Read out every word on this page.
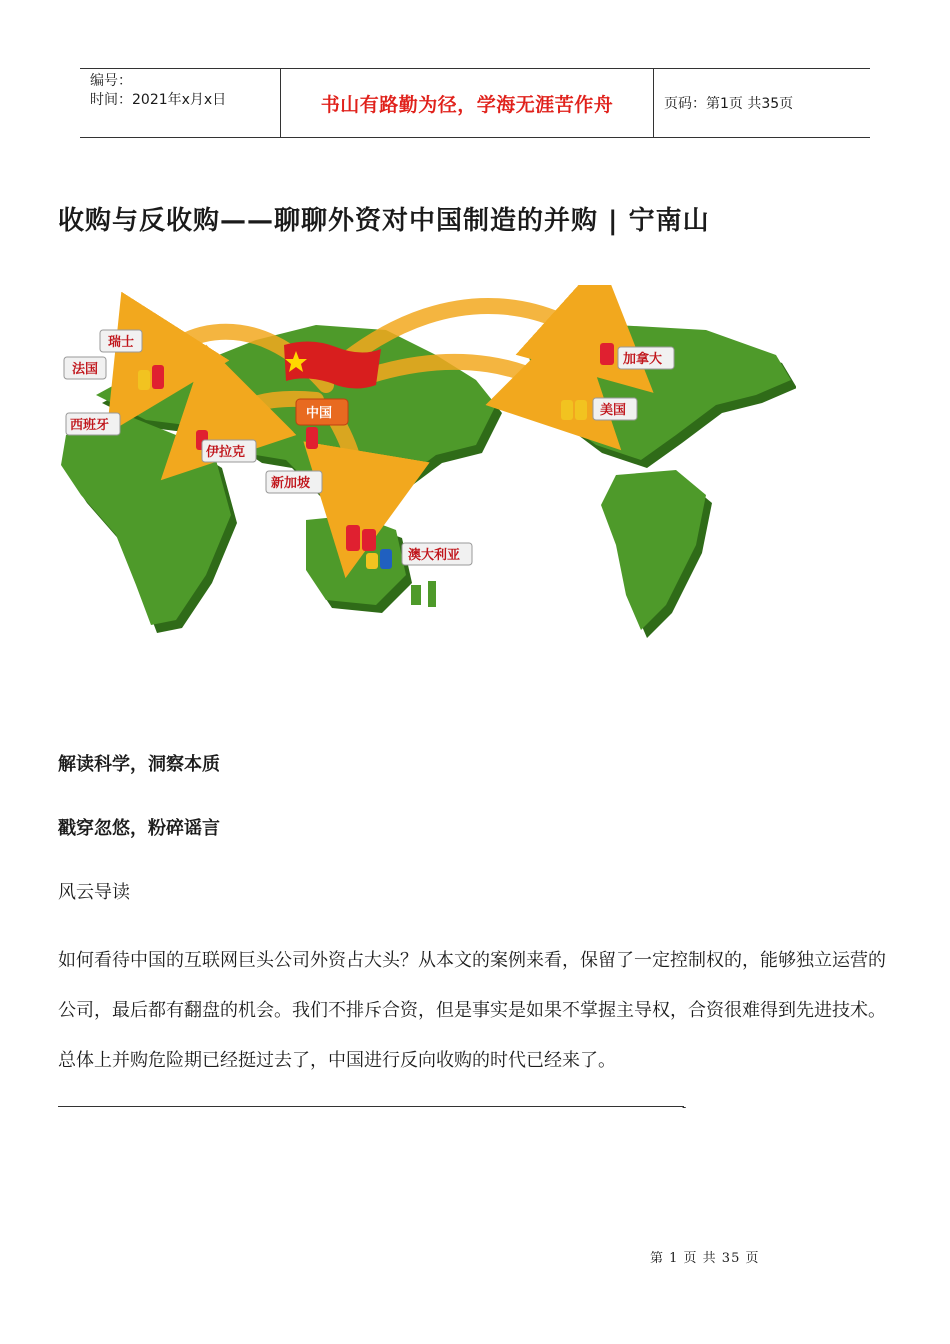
编号：
时间：2021年x月x日	书山有路勤为径，学海无涯苦作舟	页码：第1页 共35页
收购与反收购——聊聊外资对中国制造的并购 | 宁南山
瑞士
法国
西班牙
伊拉克
中国
新加坡
澳大利亚
加拿大
美国
解读科学，洞察本质
戳穿忽悠，粉碎谣言
风云导读
如何看待中国的互联网巨头公司外资占大头？从本文的案例来看，保留了一定控制权的，能够独立运营的公司，最后都有翻盘的机会。我们不排斥合资，但是事实是如果不掌握主导权，合资很难得到先进技术。总体上并购危险期已经挺过去了，中国进行反向收购的时代已经来了。
-
第 1 页 共 35 页
